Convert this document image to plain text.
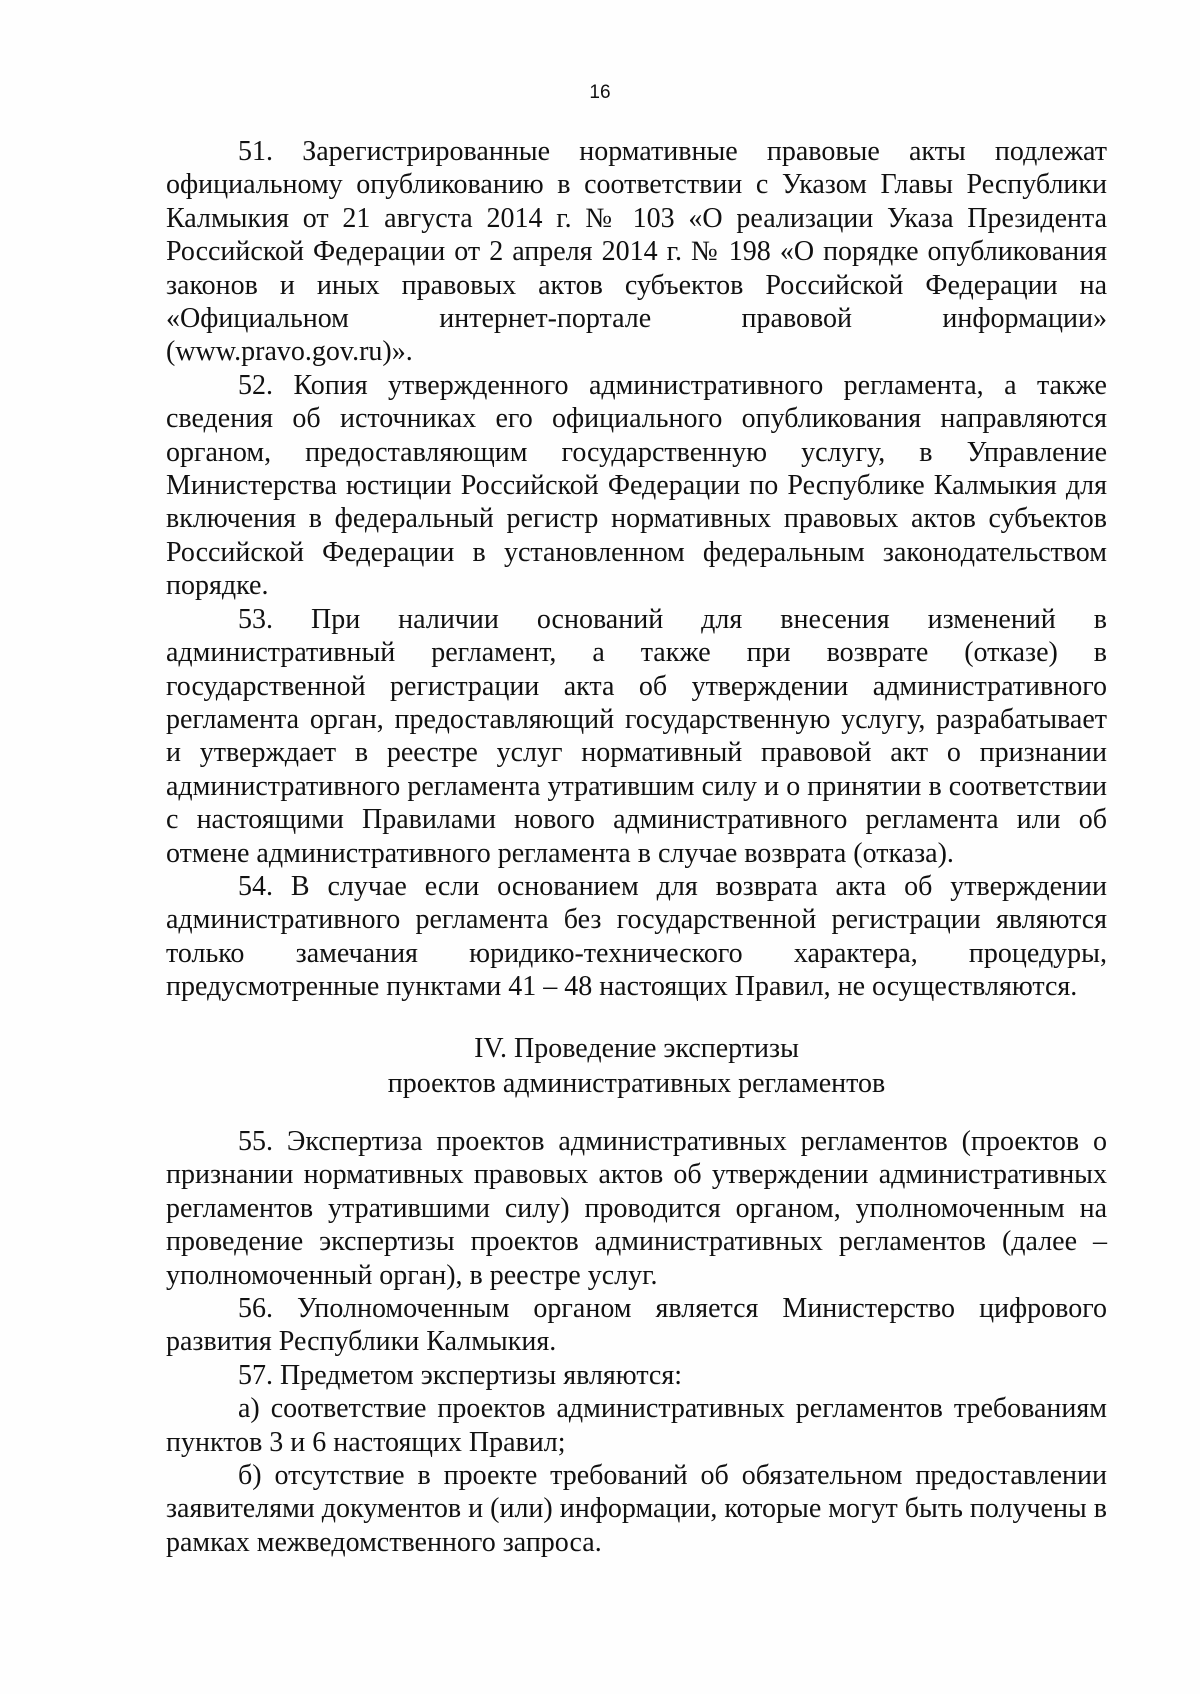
16

51. Зарегистрированные нормативные правовые акты подлежат официальному опубликованию в соответствии с Указом Главы Республики Калмыкия от 21 августа 2014 г. № 103 «О реализации Указа Президента Российской Федерации от 2 апреля 2014 г. № 198 «О порядке опубликования законов и иных правовых актов субъектов Российской Федерации на «Официальном интернет-портале правовой информации» (www.pravo.gov.ru)».

52. Копия утвержденного административного регламента, а также сведения об источниках его официального опубликования направляются органом, предоставляющим государственную услугу, в Управление Министерства юстиции Российской Федерации по Республике Калмыкия для включения в федеральный регистр нормативных правовых актов субъектов Российской Федерации в установленном федеральным законодательством порядке.

53. При наличии оснований для внесения изменений в административный регламент, а также при возврате (отказе) в государственной регистрации акта об утверждении административного регламента орган, предоставляющий государственную услугу, разрабатывает и утверждает в реестре услуг нормативный правовой акт о признании административного регламента утратившим силу и о принятии в соответствии с настоящими Правилами нового административного регламента или об отмене административного регламента в случае возврата (отказа).

54. В случае если основанием для возврата акта об утверждении административного регламента без государственной регистрации являются только замечания юридико-технического характера, процедуры, предусмотренные пунктами 41 – 48 настоящих Правил, не осуществляются.

IV. Проведение экспертизы
проектов административных регламентов

55. Экспертиза проектов административных регламентов (проектов о признании нормативных правовых актов об утверждении административных регламентов утратившими силу) проводится органом, уполномоченным на проведение экспертизы проектов административных регламентов (далее – уполномоченный орган), в реестре услуг.

56. Уполномоченным органом является Министерство цифрового развития Республики Калмыкия.

57. Предметом экспертизы являются:

а) соответствие проектов административных регламентов требованиям пунктов 3 и 6 настоящих Правил;

б) отсутствие в проекте требований об обязательном предоставлении заявителями документов и (или) информации, которые могут быть получены в рамках межведомственного запроса.
